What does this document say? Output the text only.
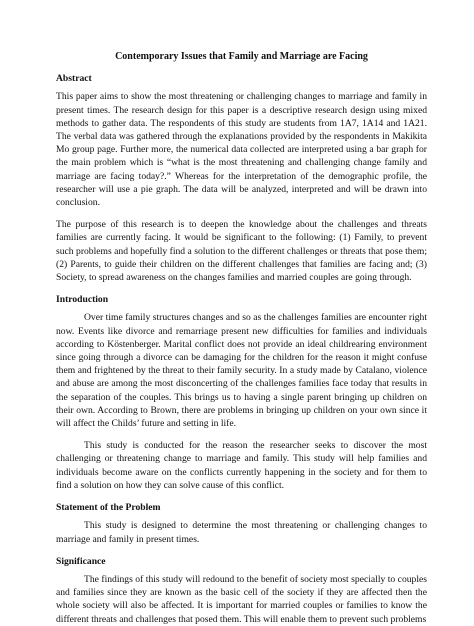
Contemporary Issues that Family and Marriage are Facing
Abstract

This paper aims to show the most threatening or challenging changes to marriage and family in present times. The research design for this paper is a descriptive research design using mixed methods to gather data. The respondents of this study are students from 1A7, 1A14 and 1A21. The verbal data was gathered through the explanations provided by the respondents in Makikita Mo group page. Further more, the numerical data collected are interpreted using a bar graph for the main problem which is “what is the most threatening and challenging change family and marriage are facing today?.” Whereas for the interpretation of the demographic profile, the researcher will use a pie graph. The data will be analyzed, interpreted and will be drawn into conclusion.

The purpose of this research is to deepen the knowledge about the challenges and threats families are currently facing. It would be significant to the following: (1) Family, to prevent such problems and hopefully find a solution to the different challenges or threats that pose them; (2) Parents, to guide their children on the different challenges that families are facing and; (3) Society, to spread awareness on the changes families and married couples are going through.

Introduction

Over time family structures changes and so as the challenges families are encounter right now. Events like divorce and remarriage present new difficulties for families and individuals according to Köstenberger. Marital conflict does not provide an ideal childrearing environment since going through a divorce can be damaging for the children for the reason it might confuse them and frightened by the threat to their family security. In a study made by Catalano, violence and abuse are among the most disconcerting of the challenges families face today that results in the separation of the couples. This brings us to having a single parent bringing up children on their own. According to Brown, there are problems in bringing up children on your own since it will affect the Childs’ future and setting in life.

This study is conducted for the reason the researcher seeks to discover the most challenging or threatening change to marriage and family. This study will help families and individuals become aware on the conflicts currently happening in the society and for them to find a solution on how they can solve cause of this conflict.

Statement of the Problem

This study is designed to determine the most threatening or challenging changes to marriage and family in present times.

Significance

The findings of this study will redound to the benefit of society most specially to couples and families since they are known as the basic cell of the society if they are affected then the whole society will also be affected. It is important for married couples or families to know the different threats and challenges that posed them. This will enable them to prevent such problems
